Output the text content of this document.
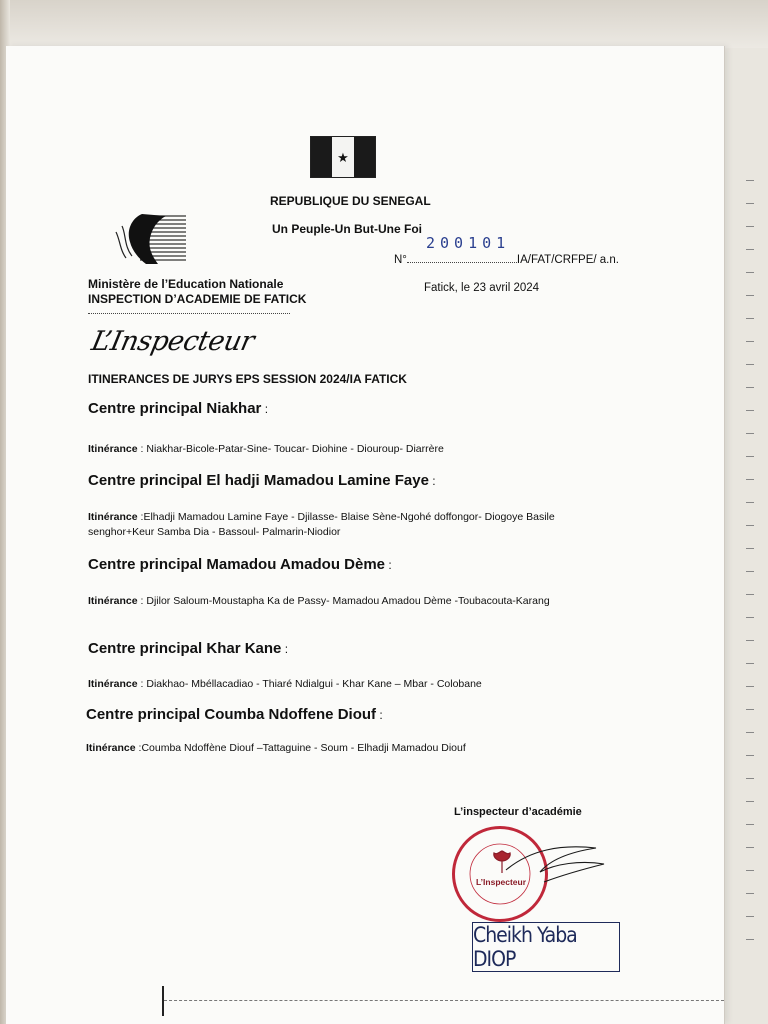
★
REPUBLIQUE DU SENEGAL
Un Peuple-Un But-Une Foi
200101
N°	IA/FAT/CRFPE/ a.n.
Ministère de l’Education Nationale
INSPECTION D’ACADEMIE DE FATICK
Fatick, le 23 avril 2024
L’Inspecteur
ITINERANCES DE JURYS EPS SESSION 2024/IA FATICK
Centre principal Niakhar :
Itinérance : Niakhar-Bicole-Patar-Sine- Toucar- Diohine - Diouroup- Diarrère
Centre principal El hadji Mamadou Lamine Faye :
Itinérance :Elhadji Mamadou Lamine Faye - Djilasse- Blaise Sène-Ngohé doffongor- Diogoye Basile senghor+Keur Samba Dia - Bassoul- Palmarin-Niodior
Centre principal Mamadou Amadou Dème :
Itinérance : Djilor Saloum-Moustapha Ka de Passy- Mamadou Amadou Dème -Toubacouta-Karang
Centre principal Khar Kane :
Itinérance : Diakhao- Mbéllacadiao - Thiaré Ndialgui - Khar Kane – Mbar - Colobane
Centre principal Coumba Ndoffene Diouf :
Itinérance :Coumba Ndoffène Diouf –Tattaguine - Soum - Elhadji Mamadou Diouf
L’inspecteur d’académie
L’Inspecteur
Cheikh Yaba DIOP
